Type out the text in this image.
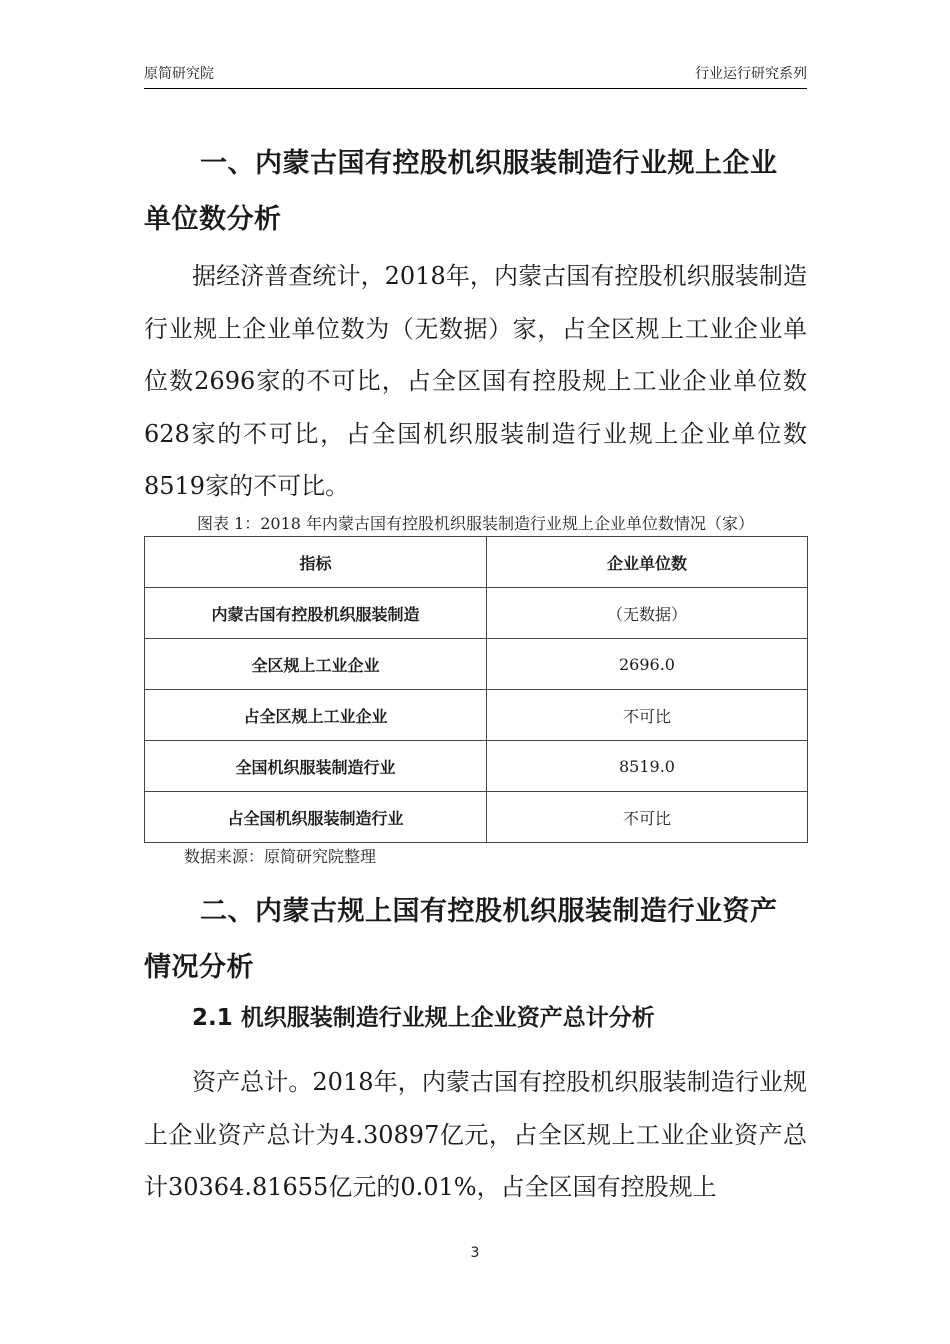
原简研究院	行业运行研究系列
一、内蒙古国有控股机织服装制造行业规上企业
单位数分析

据经济普查统计，2018年，内蒙古国有控股机织服装制造行业规上企业单位数为（无数据）家，占全区规上工业企业单位数2696家的不可比，占全区国有控股规上工业企业单位数628家的不可比，占全国机织服装制造行业规上企业单位数8519家的不可比。

图表 1：2018 年内蒙古国有控股机织服装制造行业规上企业单位数情况（家）
指标	企业单位数
内蒙古国有控股机织服装制造	（无数据）
全区规上工业企业	2696.0
占全区规上工业企业	不可比
全国机织服装制造行业	8519.0
占全国机织服装制造行业	不可比
数据来源：原简研究院整理
二、内蒙古规上国有控股机织服装制造行业资产
情况分析
2.1 机织服装制造行业规上企业资产总计分析

资产总计。2018年，内蒙古国有控股机织服装制造行业规上企业资产总计为4.30897亿元，占全区规上工业企业资产总计30364.81655亿元的0.01%，占全区国有控股规上

3
